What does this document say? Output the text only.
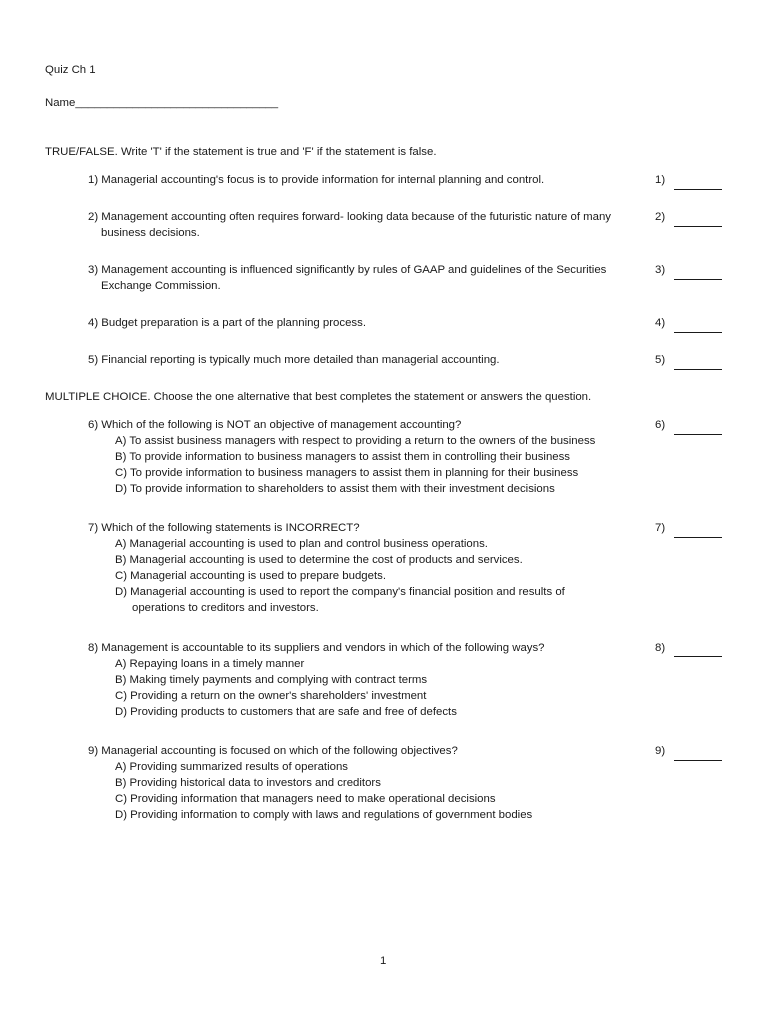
Quiz Ch 1
Name________________________________
TRUE/FALSE. Write 'T' if the statement is true and 'F' if the statement is false.
1) Managerial accounting's focus is to provide information for internal planning and control.	1)
2) Management accounting often requires forward‐ looking data because of the futuristic nature of many business decisions.
2)
3) Management accounting is influenced significantly by rules of GAAP and guidelines of the Securities Exchange Commission.
3)
4) Budget preparation is a part of the planning process.	4)
5) Financial reporting is typically much more detailed than managerial accounting.	5)
MULTIPLE CHOICE. Choose the one alternative that best completes the statement or answers the question.
6) Which of the following is NOT an objective of management accounting?
A) To assist business managers with respect to providing a return to the owners of the business
B) To provide information to business managers to assist them in controlling their business
C) To provide information to business managers to assist them in planning for their business
D) To provide information to shareholders to assist them with their investment decisions
6)
7) Which of the following statements is INCORRECT?
A) Managerial accounting is used to plan and control business operations.
B) Managerial accounting is used to determine the cost of products and services.
C) Managerial accounting is used to prepare budgets.
D) Managerial accounting is used to report the company's financial position and results of operations to creditors and investors.
7)
8) Management is accountable to its suppliers and vendors in which of the following ways?
A) Repaying loans in a timely manner
B) Making timely payments and complying with contract terms
C) Providing a return on the owner's shareholders' investment
D) Providing products to customers that are safe and free of defects
8)
9) Managerial accounting is focused on which of the following objectives?
A) Providing summarized results of operations
B) Providing historical data to investors and creditors
C) Providing information that managers need to make operational decisions
D) Providing information to comply with laws and regulations of government bodies
9)
1
